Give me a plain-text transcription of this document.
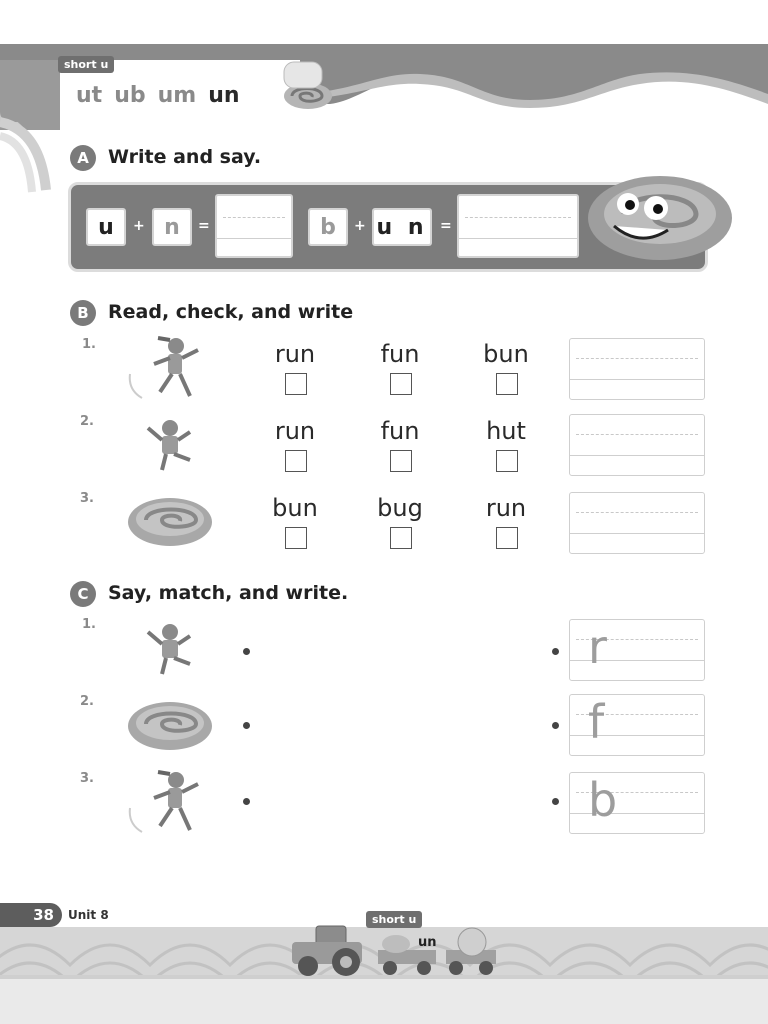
short u
ut ub um un
A	Write and say.
u	+ n	=	b	+ u n =
B	Read, check, and write
1.	run	fun	bun
2.	run	fun	hut
3.	bun	bug	run
C	Say, match, and write.
1.	r
2.	f
3.	b
38	Unit 8	short u
un
